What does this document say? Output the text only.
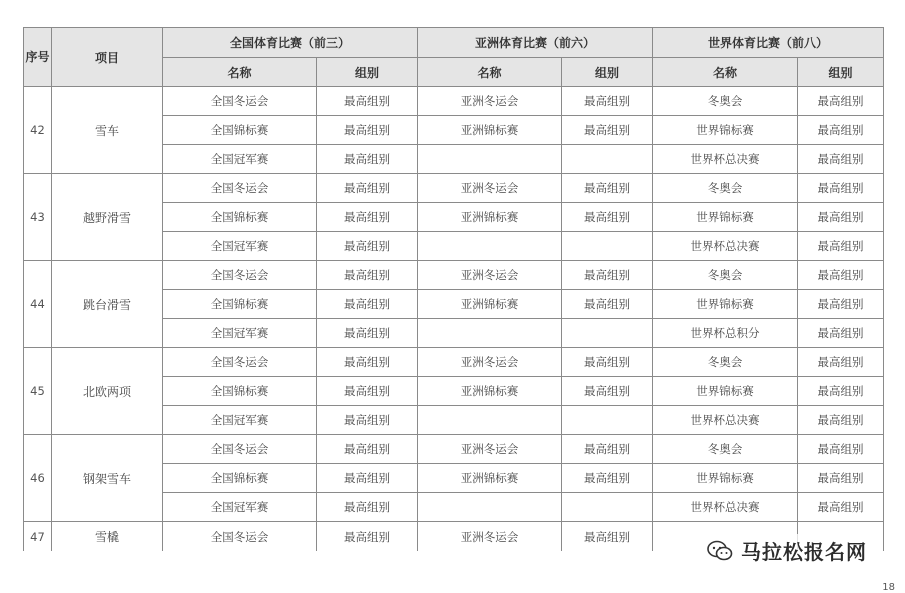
序号	项目	全国体育比赛（前三）		亚洲体育比赛（前六）		世界体育比赛（前八）	
		名称	组别	名称	组别	名称	组别
42	雪车	全国冬运会	最高组别	亚洲冬运会	最高组别	冬奥会	最高组别
		全国锦标赛	最高组别	亚洲锦标赛	最高组别	世界锦标赛	最高组别
		全国冠军赛	最高组别			世界杯总决赛	最高组别
43	越野滑雪	全国冬运会	最高组别	亚洲冬运会	最高组别	冬奥会	最高组别
		全国锦标赛	最高组别	亚洲锦标赛	最高组别	世界锦标赛	最高组别
		全国冠军赛	最高组别			世界杯总决赛	最高组别
44	跳台滑雪	全国冬运会	最高组别	亚洲冬运会	最高组别	冬奥会	最高组别
		全国锦标赛	最高组别	亚洲锦标赛	最高组别	世界锦标赛	最高组别
		全国冠军赛	最高组别			世界杯总积分	最高组别
45	北欧两项	全国冬运会	最高组别	亚洲冬运会	最高组别	冬奥会	最高组别
		全国锦标赛	最高组别	亚洲锦标赛	最高组别	世界锦标赛	最高组别
		全国冠军赛	最高组别			世界杯总决赛	最高组别
46	钢架雪车	全国冬运会	最高组别	亚洲冬运会	最高组别	冬奥会	最高组别
		全国锦标赛	最高组别	亚洲锦标赛	最高组别	世界锦标赛	最高组别
		全国冠军赛	最高组别			世界杯总决赛	最高组别
47	雪橇	全国冬运会	最高组别	亚洲冬运会	最高组别		
马拉松报名网
18
